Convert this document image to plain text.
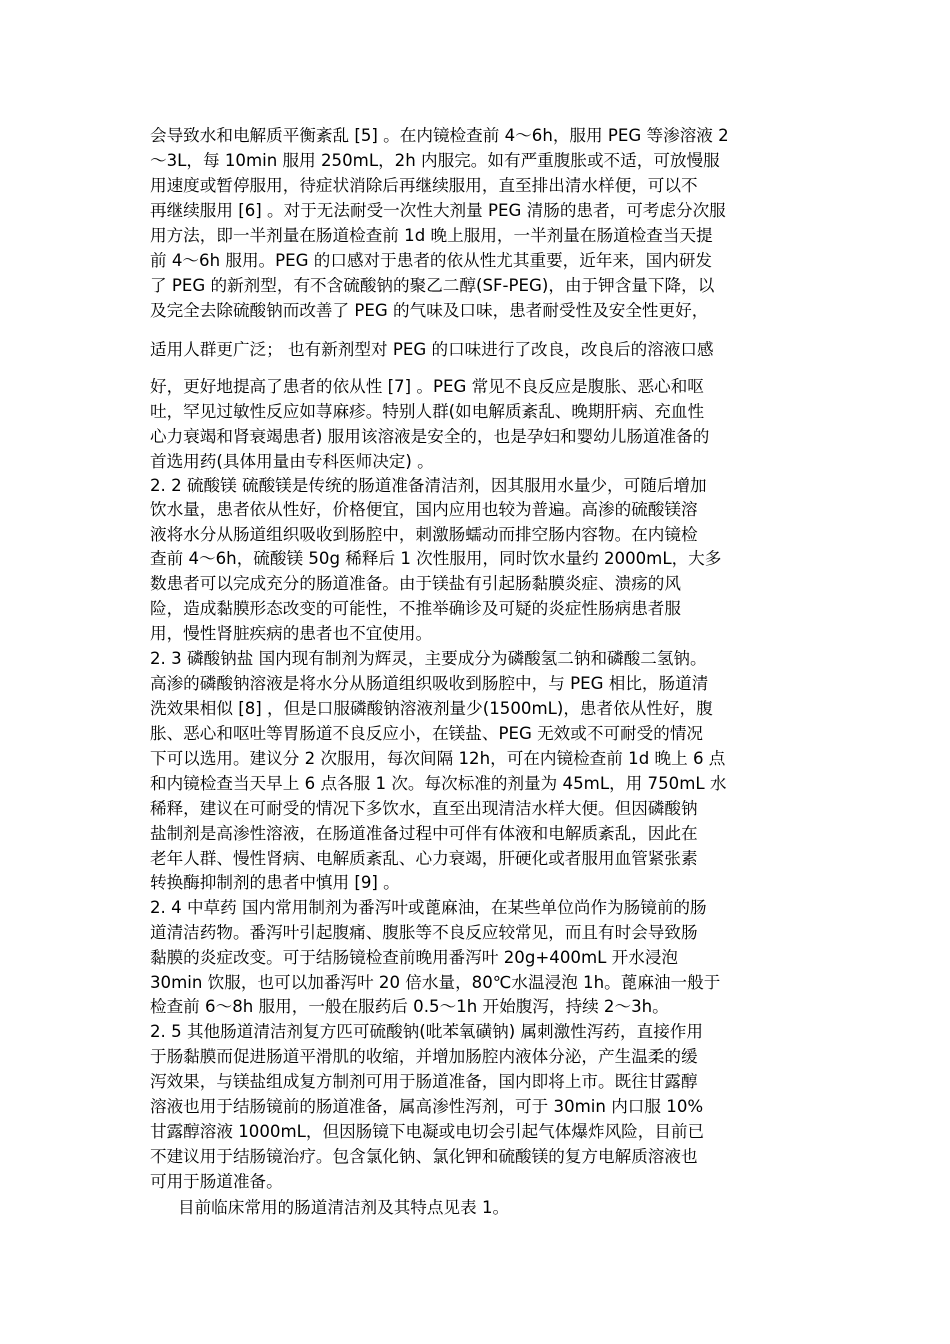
会导致水和电解质平衡紊乱 [5] 。在内镜检查前 4～6h，服用 PEG 等渗溶液 2
～3L，每 10min 服用 250mL，2h 内服完。如有严重腹胀或不适，可放慢服
用速度或暂停服用，待症状消除后再继续服用，直至排出清水样便，可以不
再继续服用 [6] 。对于无法耐受一次性大剂量 PEG 清肠的患者，可考虑分次服
用方法，即一半剂量在肠道检查前 1d 晚上服用，一半剂量在肠道检查当天提
前 4～6h 服用。PEG 的口感对于患者的依从性尤其重要，近年来，国内研发
了 PEG 的新剂型，有不含硫酸钠的聚乙二醇(SF-PEG)，由于钾含量下降，以
及完全去除硫酸钠而改善了 PEG 的气味及口味，患者耐受性及安全性更好，
适用人群更广泛； 也有新剂型对 PEG 的口味进行了改良，改良后的溶液口感
好，更好地提高了患者的依从性 [7] 。PEG 常见不良反应是腹胀、恶心和呕
吐，罕见过敏性反应如荨麻疹。特别人群(如电解质紊乱、晚期肝病、充血性
心力衰竭和肾衰竭患者) 服用该溶液是安全的，也是孕妇和婴幼儿肠道准备的
首选用药(具体用量由专科医师决定) 。
2. 2 硫酸镁 硫酸镁是传统的肠道准备清洁剂，因其服用水量少，可随后增加
饮水量，患者依从性好，价格便宜，国内应用也较为普遍。高渗的硫酸镁溶
液将水分从肠道组织吸收到肠腔中，刺激肠蠕动而排空肠内容物。在内镜检
查前 4～6h，硫酸镁 50g 稀释后 1 次性服用，同时饮水量约 2000mL，大多
数患者可以完成充分的肠道准备。由于镁盐有引起肠黏膜炎症、溃疡的风
险，造成黏膜形态改变的可能性，不推举确诊及可疑的炎症性肠病患者服
用，慢性肾脏疾病的患者也不宜使用。
2. 3 磷酸钠盐 国内现有制剂为辉灵，主要成分为磷酸氢二钠和磷酸二氢钠。
高渗的磷酸钠溶液是将水分从肠道组织吸收到肠腔中，与 PEG 相比，肠道清
洗效果相似 [8] ，但是口服磷酸钠溶液剂量少(1500mL)，患者依从性好，腹
胀、恶心和呕吐等胃肠道不良反应小，在镁盐、PEG 无效或不可耐受的情况
下可以选用。建议分 2 次服用，每次间隔 12h，可在内镜检查前 1d 晚上 6 点
和内镜检查当天早上 6 点各服 1 次。每次标准的剂量为 45mL，用 750mL 水
稀释，建议在可耐受的情况下多饮水，直至出现清洁水样大便。但因磷酸钠
盐制剂是高渗性溶液，在肠道准备过程中可伴有体液和电解质紊乱，因此在
老年人群、慢性肾病、电解质紊乱、心力衰竭，肝硬化或者服用血管紧张素
转换酶抑制剂的患者中慎用 [9] 。
2. 4 中草药 国内常用制剂为番泻叶或蓖麻油，在某些单位尚作为肠镜前的肠
道清洁药物。番泻叶引起腹痛、腹胀等不良反应较常见，而且有时会导致肠
黏膜的炎症改变。可于结肠镜检查前晚用番泻叶 20g+400mL 开水浸泡
30min 饮服，也可以加番泻叶 20 倍水量，80℃水温浸泡 1h。蓖麻油一般于
检查前 6～8h 服用，一般在服药后 0.5～1h 开始腹泻，持续 2～3h。
2. 5 其他肠道清洁剂复方匹可硫酸钠(吡苯氧磺钠) 属刺激性泻药，直接作用
于肠黏膜而促进肠道平滑肌的收缩，并增加肠腔内液体分泌，产生温柔的缓
泻效果，与镁盐组成复方制剂可用于肠道准备，国内即将上市。既往甘露醇
溶液也用于结肠镜前的肠道准备，属高渗性泻剂，可于 30min 内口服 10%
甘露醇溶液 1000mL，但因肠镜下电凝或电切会引起气体爆炸风险，目前已
不建议用于结肠镜治疗。包含氯化钠、氯化钾和硫酸镁的复方电解质溶液也
可用于肠道准备。
目前临床常用的肠道清洁剂及其特点见表 1。
